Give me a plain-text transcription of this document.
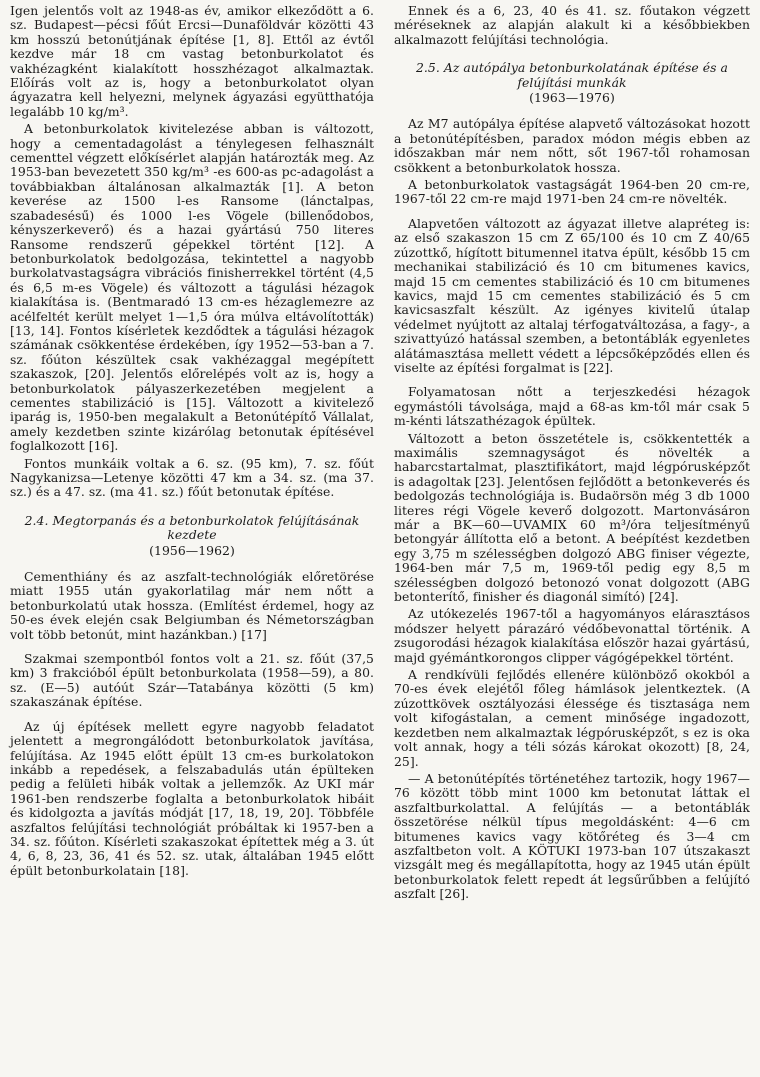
Igen jelentős volt az 1948-as év, amikor elkeződött a 6. sz. Budapest—pécsi főút Ercsi—Dunaföldvár közötti 43 km hosszú betonútjának építése [1, 8]. Ettől az évtől kezdve már 18 cm vastag betonburkolatot és vakhézagként kialakított hosszhézagot alkalmaztak. Előírás volt az is, hogy a betonburkolatot olyan ágyazatra kell helyezni, melynek ágyazási együtthatója legalább 10 kg/m³.

A betonburkolatok kivitelezése abban is változott, hogy a cementadagolást a ténylegesen felhasznált cementtel végzett előkísérlet alapján határozták meg. Az 1953-ban bevezetett 350 kg/m³ -es 600-as pc-adagolást a továbbiakban általánosan alkalmazták [1]. A beton keverése az 1500 l-es Ransome (lánctalpas, szabadesésű) és 1000 l-es Vögele (billenődobos, kényszerkeverő) és a hazai gyártású 750 literes Ransome rendszerű gépekkel történt [12]. A betonburkolatok bedolgozása, tekintettel a nagyobb burkolatvastagságra vibrációs finisherrekkel történt (4,5 és 6,5 m-es Vögele) és változott a tágulási hézagok kialakítása is. (Bentmaradó 13 cm-es hézaglemezre az acélfeltét került melyet 1—1,5 óra múlva eltávolították) [13, 14]. Fontos kísérletek kezdődtek a tágulási hézagok számának csökkentése érdekében, így 1952—53-ban a 7. sz. főúton készültek csak vakhézaggal megépített szakaszok, [20]. Jelentős előrelépés volt az is, hogy a betonburkolatok pályaszerkezetében megjelent a cementes stabilizáció is [15]. Változott a kivitelező iparág is, 1950-ben megalakult a Betonútépítő Vállalat, amely kezdetben szinte kizárólag betonutak építésével foglalkozott [16].

Fontos munkáik voltak a 6. sz. (95 km), 7. sz. főút Nagykanizsa—Letenye közötti 47 km a 34. sz. (ma 37. sz.) és a 47. sz. (ma 41. sz.) főút betonutak építése.

2.4. Megtorpanás és a betonburkolatok felújításának kezdete
(1956—1962)

Cementhiány és az aszfalt-technológiák előretörése miatt 1955 után gyakorlatilag már nem nőtt a betonburkolatú utak hossza. (Említést érdemel, hogy az 50-es évek elején csak Belgiumban és Németországban volt több betonút, mint hazánkban.) [17]

Szakmai szempontból fontos volt a 21. sz. főút (37,5 km) 3 frakcióból épült betonburkolata (1958—59), a 80. sz. (E—5) autóút Szár—Tatabánya közötti (5 km) szakaszának építése.

Az új építések mellett egyre nagyobb feladatot jelentett a megrongálódott betonburkolatok javítása, felújítása. Az 1945 előtt épült 13 cm-es burkolatokon inkább a repedések, a felszabadulás után épülteken pedig a felületi hibák voltak a jellemzők. Az UKI már 1961-ben rendszerbe foglalta a betonburkolatok hibáit és kidolgozta a javítás módját [17, 18, 19, 20]. Többféle aszfaltos felújítási technológiát próbáltak ki 1957-ben a 34. sz. főúton. Kísérleti szakaszokat építettek még a 3. út 4, 6, 8, 23, 36, 41 és 52. sz. utak, általában 1945 előtt épült betonburkolatain [18].

Ennek és a 6, 23, 40 és 41. sz. főutakon végzett méréseknek az alapján alakult ki a későbbiekben alkalmazott felújítási technológia.

2.5. Az autópálya betonburkolatának építése és a felújítási munkák
(1963—1976)

Az M7 autópálya építése alapvető változásokat hozott a betonútépítésben, paradox módon mégis ebben az időszakban már nem nőtt, sőt 1967-től rohamosan csökkent a betonburkolatok hossza.

A betonburkolatok vastagságát 1964-ben 20 cm-re, 1967-től 22 cm-re majd 1971-ben 24 cm-re növelték.

Alapvetően változott az ágyazat illetve alapréteg is: az első szakaszon 15 cm Z 65/100 és 10 cm Z 40/65 zúzottkő, hígított bitumennel itatva épült, később 15 cm mechanikai stabilizáció és 10 cm bitumenes kavics, majd 15 cm cementes stabilizáció és 10 cm bitumenes kavics, majd 15 cm cementes stabilizáció és 5 cm kavicsaszfalt készült. Az igényes kivitelű útalap védelmet nyújtott az altalaj térfogatváltozása, a fagy-, a szivattyúzó hatással szemben, a betontáblák egyenletes alátámasztása mellett védett a lépcsőképződés ellen és viselte az építési forgalmat is [22].

Folyamatosan nőtt a terjeszkedési hézagok egymástóli távolsága, majd a 68-as km-től már csak 5 m-kénti látszathézagok épültek.

Változott a beton összetétele is, csökkentették a maximális szemnagyságot és növelték a habarcstartalmat, plasztifikátort, majd légpórusképzőt is adagoltak [23]. Jelentősen fejlődött a betonkeverés és bedolgozás technológiája is. Budaörsön még 3 db 1000 literes régi Vögele keverő dolgozott. Martonvásáron már a BK—60—UVAMIX 60 m³/óra teljesítményű betongyár állította elő a betont. A beépítést kezdetben egy 3,75 m szélességben dolgozó ABG finiser végezte, 1964-ben már 7,5 m, 1969-től pedig egy 8,5 m szélességben dolgozó betonozó vonat dolgozott (ABG betonterítő, finisher és diagonál simító) [24].

Az utókezelés 1967-től a hagyományos elárasztásos módszer helyett párazáró védőbevonattal történik. A zsugorodási hézagok kialakítása először hazai gyártású, majd gyémántkorongos clipper vágógépekkel történt.

A rendkívüli fejlődés ellenére különböző okokból a 70-es évek elejétől főleg hámlások jelentkeztek. (A zúzottkövek osztályozási élessége és tisztasága nem volt kifogástalan, a cement minősége ingadozott, kezdetben nem alkalmaztak légpórusképzőt, s ez is oka volt annak, hogy a téli sózás károkat okozott) [8, 24, 25].

— A betonútépítés történetéhez tartozik, hogy 1967—76 között több mint 1000 km betonutat láttak el aszfaltburkolattal. A felújítás — a betontáblák összetörése nélkül típus megoldásként: 4—6 cm bitumenes kavics vagy kötőréteg és 3—4 cm aszfaltbeton volt. A KÖTUKI 1973-ban 107 útszakaszt vizsgált meg és megállapította, hogy az 1945 után épült betonburkolatok felett repedt át legsűrűbben a felújító aszfalt [26].
